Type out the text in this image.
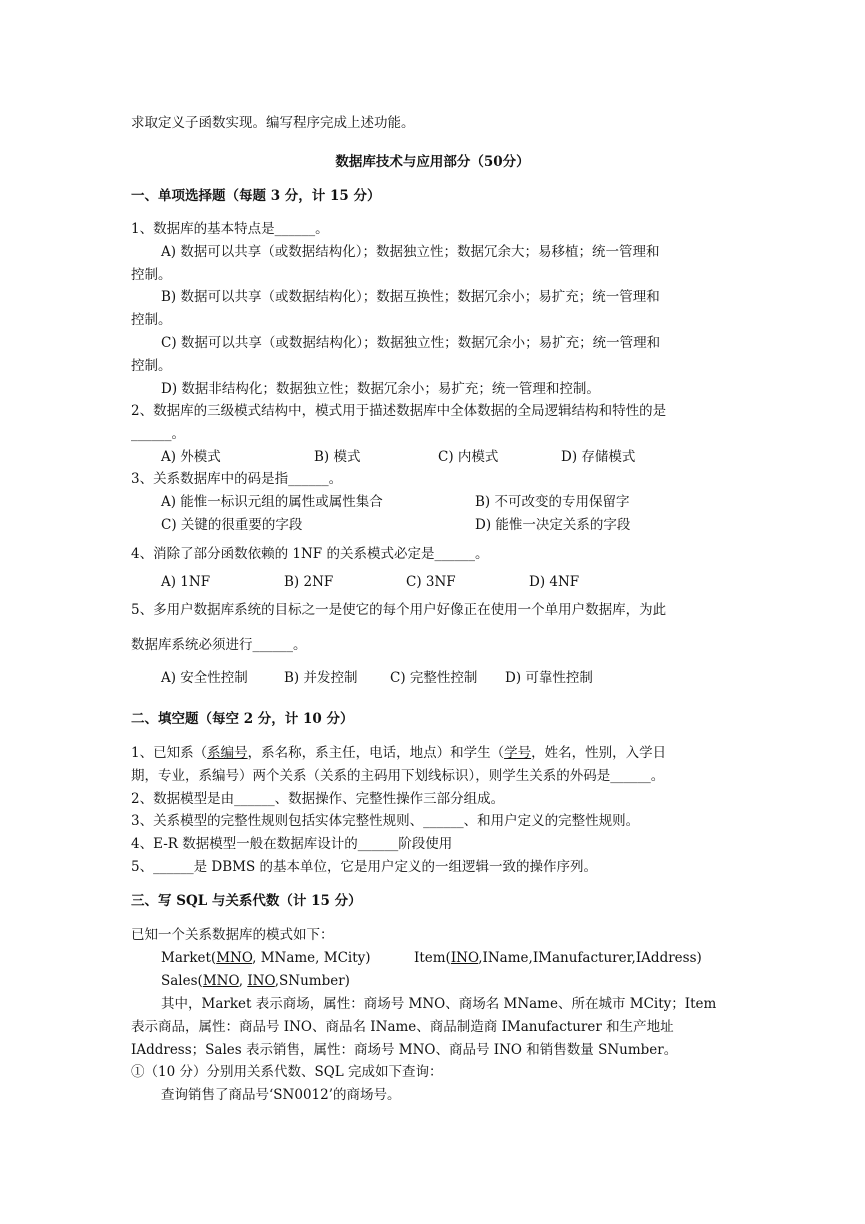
求取定义子函数实现。编写程序完成上述功能。
数据库技术与应用部分（50分）
一、单项选择题（每题 3 分，计 15 分）
1、数据库的基本特点是______。
A) 数据可以共享（或数据结构化）；数据独立性；数据冗余大；易移植；统一管理和
控制。
B) 数据可以共享（或数据结构化）；数据互换性；数据冗余小；易扩充；统一管理和
控制。
C) 数据可以共享（或数据结构化）；数据独立性；数据冗余小；易扩充；统一管理和
控制。
D) 数据非结构化；数据独立性；数据冗余小；易扩充；统一管理和控制。
2、数据库的三级模式结构中，模式用于描述数据库中全体数据的全局逻辑结构和特性的是
______。
A) 外模式	B) 模式	C) 内模式	D) 存储模式
3、关系数据库中的码是指______。
A) 能惟一标识元组的属性或属性集合	B) 不可改变的专用保留字
C) 关键的很重要的字段	D) 能惟一决定关系的字段
4、消除了部分函数依赖的 1NF 的关系模式必定是______。
A) 1NF	B) 2NF	C) 3NF	D) 4NF
5、多用户数据库系统的目标之一是使它的每个用户好像正在使用一个单用户数据库，为此
数据库系统必须进行______。
A) 安全性控制	B) 并发控制 C) 完整性控制 D) 可靠性控制
二、填空题（每空 2 分，计 10 分）
1、已知系（系编号，系名称，系主任，电话，地点）和学生（学号，姓名，性别，入学日
期，专业，系编号）两个关系（关系的主码用下划线标识），则学生关系的外码是______。
2、数据模型是由______、数据操作、完整性操作三部分组成。
3、关系模型的完整性规则包括实体完整性规则、______、和用户定义的完整性规则。
4、E-R 数据模型一般在数据库设计的______阶段使用
5、______是 DBMS 的基本单位，它是用户定义的一组逻辑一致的操作序列。
三、写 SQL 与关系代数（计 15 分）
已知一个关系数据库的模式如下：
Market(MNO, MName, MCity)	Item(INO,IName,IManufacturer,IAddress)
Sales(MNO, INO,SNumber)
其中，Market 表示商场，属性：商场号 MNO、商场名 MName、所在城市 MCity；Item
表示商品，属性：商品号 INO、商品名 IName、商品制造商 IManufacturer 和生产地址
IAddress；Sales 表示销售，属性：商场号 MNO、商品号 INO 和销售数量 SNumber。
①（10 分）分别用关系代数、SQL 完成如下查询：
查询销售了商品号‘SN0012’的商场号。
